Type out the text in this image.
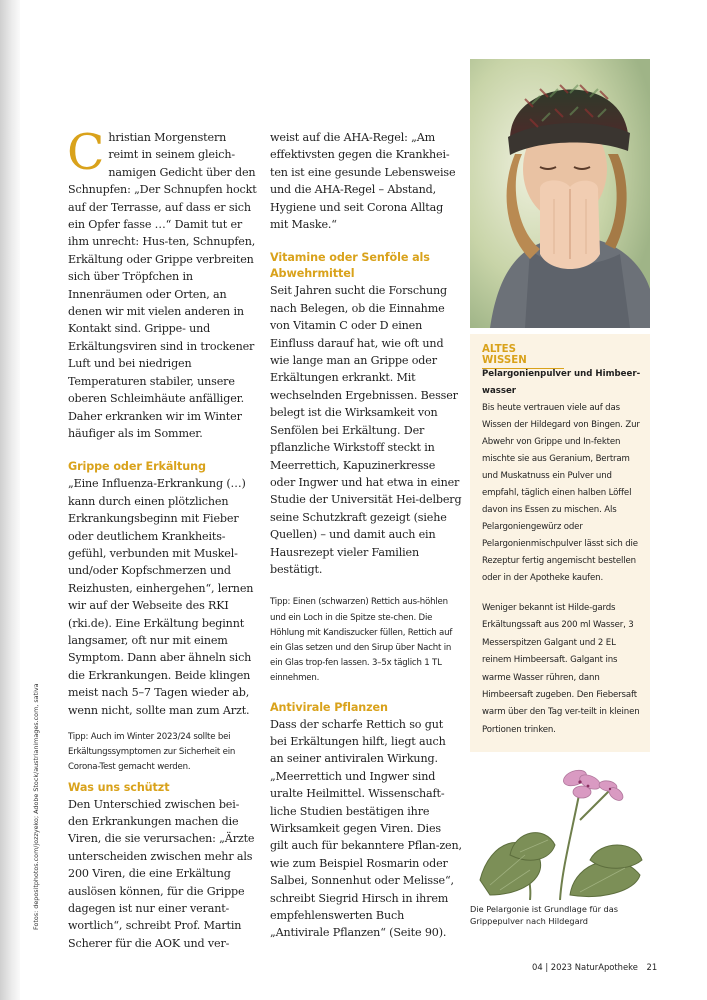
Fotos: depositphotos.com/jozzyeko; Adobe Stock/austrianimages.com, sativa

Christian Morgenstern reimt in seinem gleich-namigen Gedicht über den Schnupfen: „Der Schnupfen hockt auf der Terrasse, auf dass er sich ein Opfer fasse …“ Damit tut er ihm unrecht: Hus-ten, Schnupfen, Erkältung oder Grippe verbreiten sich über Tröpfchen in Innenräumen oder Orten, an denen wir mit vielen anderen in Kontakt sind. Grippe- und Erkältungsviren sind in trockener Luft und bei niedrigen Temperaturen stabiler, unsere oberen Schleimhäute anfälliger. Daher erkranken wir im Winter häufiger als im Sommer.

Grippe oder Erkältung

„Eine Influenza-Erkrankung (…) kann durch einen plötzlichen Erkrankungsbeginn mit Fieber oder deutlichem Krankheits-gefühl, verbunden mit Muskel- und/oder Kopfschmerzen und Reizhusten, einhergehen“, lernen wir auf der Webseite des RKI (rki.de). Eine Erkältung beginnt langsamer, oft nur mit einem Symptom. Dann aber ähneln sich die Erkrankungen. Beide klingen meist nach 5–7 Tagen wieder ab, wenn nicht, sollte man zum Arzt.

Tipp: Auch im Winter 2023/24 sollte bei Erkältungssymptomen zur Sicherheit ein Corona-Test gemacht werden.

Was uns schützt

Den Unterschied zwischen bei-den Erkrankungen machen die Viren, die sie verursachen: „Ärzte unterscheiden zwischen mehr als 200 Viren, die eine Erkältung auslösen können, für die Grippe dagegen ist nur einer verant-wortlich“, schreibt Prof. Martin Scherer für die AOK und ver-

weist auf die AHA-Regel: „Am effektivsten gegen die Krankhei-ten ist eine gesunde Lebensweise und die AHA-Regel – Abstand, Hygiene und seit Corona Alltag mit Maske.“

Vitamine oder Senföle als Abwehrmittel

Seit Jahren sucht die Forschung nach Belegen, ob die Einnahme von Vitamin C oder D einen Einfluss darauf hat, wie oft und wie lange man an Grippe oder Erkältungen erkrankt. Mit wechselnden Ergebnissen. Besser belegt ist die Wirksamkeit von Senfölen bei Erkältung. Der pflanzliche Wirkstoff steckt in Meerrettich, Kapuzinerkresse oder Ingwer und hat etwa in einer Studie der Universität Hei-delberg seine Schutzkraft gezeigt (siehe Quellen) – und damit auch ein Hausrezept vieler Familien bestätigt.

Tipp: Einen (schwarzen) Rettich aus-höhlen und ein Loch in die Spitze ste-chen. Die Höhlung mit Kandiszucker füllen, Rettich auf ein Glas setzen und den Sirup über Nacht in ein Glas trop-fen lassen. 3–5x täglich 1 TL einnehmen.

Antivirale Pflanzen

Dass der scharfe Rettich so gut bei Erkältungen hilft, liegt auch an seiner antiviralen Wirkung. „Meerrettich und Ingwer sind uralte Heilmittel. Wissenschaft-liche Studien bestätigen ihre Wirksamkeit gegen Viren. Dies gilt auch für bekanntere Pflan-zen, wie zum Beispiel Rosmarin oder Salbei, Sonnenhut oder Melisse“, schreibt Siegrid Hirsch in ihrem empfehlenswerten Buch „Antivirale Pflanzen“ (Seite 90).

ALTES WISSEN
Pelargonienpulver und Himbeer-wasser
Bis heute vertrauen viele auf das Wissen der Hildegard von Bingen. Zur Abwehr von Grippe und In-fekten mischte sie aus Geranium, Bertram und Muskatnuss ein Pulver und empfahl, täglich einen halben Löffel davon ins Essen zu mischen. Als Pelargoniengewürz oder Pelargonienmischpulver lässt sich die Rezeptur fertig angemischt bestellen oder in der Apotheke kaufen.
Weniger bekannt ist Hilde-gards Erkältungssaft aus 200 ml Wasser, 3 Messerspitzen Galgant und 2 EL reinem Himbeersaft. Galgant ins warme Wasser rühren, dann Himbeersaft zugeben. Den Fiebersaft warm über den Tag ver-teilt in kleinen Portionen trinken.
Die Pelargonie ist Grundlage für das Grippepulver nach Hildegard
04 | 2023 NaturApotheke 21
